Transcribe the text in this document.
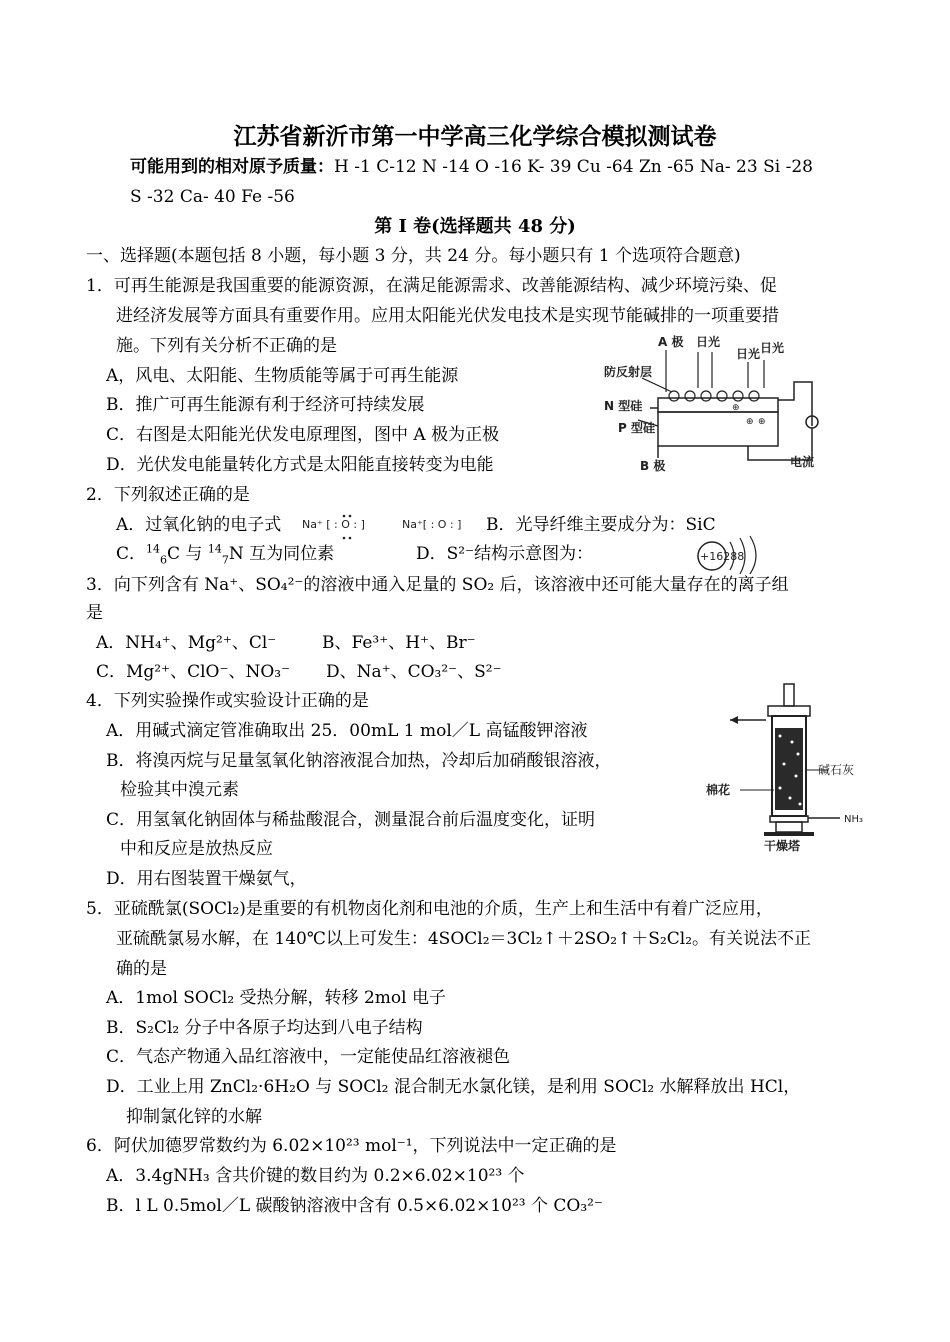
江苏省新沂市第一中学高三化学综合模拟测试卷
可能用到的相对原予质量：H -1 C-12 N -14 O -16 K- 39 Cu -64 Zn -65 Na- 23 Si -28
S -32 Ca- 40 Fe -56
第 I 卷(选择题共 48 分)
一、选择题(本题包括 8 小题，每小题 3 分，共 24 分。每小题只有 1 个选项符合题意)
1．可再生能源是我国重要的能源资源，在满足能源需求、改善能源结构、减少环境污染、促
进经济发展等方面具有重要作用。应用太阳能光伏发电技术是实现节能碱排的一项重要措
施。下列有关分析不正确的是
A，风电、太阳能、生物质能等属于可再生能源
B．推广可再生能源有利于经济可持续发展
C．右图是太阳能光伏发电原理图，图中 A 极为正极
D．光伏发电能量转化方式是太阳能直接转变为电能
A 极 日光
日光 日光
防反射层
N 型硅
P 型硅
B 极	电流
⊕
⊕ ⊕
2．下列叙述正确的是
A．过氧化钠的电子式 Na⁺ [ : O : ]	Na⁺[ : O : ] B．光导纤维主要成分为：SiC
C．$^{14}_6$C 与 $^{14}_7$N 互为同位素	D．S²⁻结构示意图为：	+16288
3．向下列含有 Na⁺、SO₄²⁻的溶液中通入足量的 SO₂ 后，该溶液中还可能大量存在的离子组
是
A．NH₄⁺、Mg²⁺、Cl⁻	B、Fe³⁺、H⁺、Br⁻
C．Mg²⁺、ClO⁻、NO₃⁻ D、Na⁺、CO₃²⁻、S²⁻
4．下列实验操作或实验设计正确的是
A．用碱式滴定管准确取出 25．00mL 1 mol／L 高锰酸钾溶液
B．将溴丙烷与足量氢氧化钠溶液混合加热，冷却后加硝酸银溶液，
检验其中溴元素
C．用氢氧化钠固体与稀盐酸混合，测量混合前后温度变化，证明
中和反应是放热反应
D．用右图装置干燥氨气，
碱石灰
棉花
NH₃
干燥塔
5．亚硫酰氯(SOCl₂)是重要的有机物卤化剂和电池的介质，生产上和生活中有着广泛应用，
亚硫酰氯易水解，在 140℃以上可发生：4SOCl₂＝3Cl₂↑＋2SO₂↑＋S₂Cl₂。有关说法不正
确的是
A．1mol SOCl₂ 受热分解，转移 2mol 电子
B．S₂Cl₂ 分子中各原子均达到八电子结构
C．气态产物通入品红溶液中，一定能使品红溶液褪色
D．工业上用 ZnCl₂·6H₂O 与 SOCl₂ 混合制无水氯化镁，是利用 SOCl₂ 水解释放出 HCl，
抑制氯化锌的水解
6．阿伏加德罗常数约为 6.02×10²³ mol⁻¹，下列说法中一定正确的是
A．3.4gNH₃ 含共价键的数目约为 0.2×6.02×10²³ 个
B．l L 0.5mol／L 碳酸钠溶液中含有 0.5×6.02×10²³ 个 CO₃²⁻
